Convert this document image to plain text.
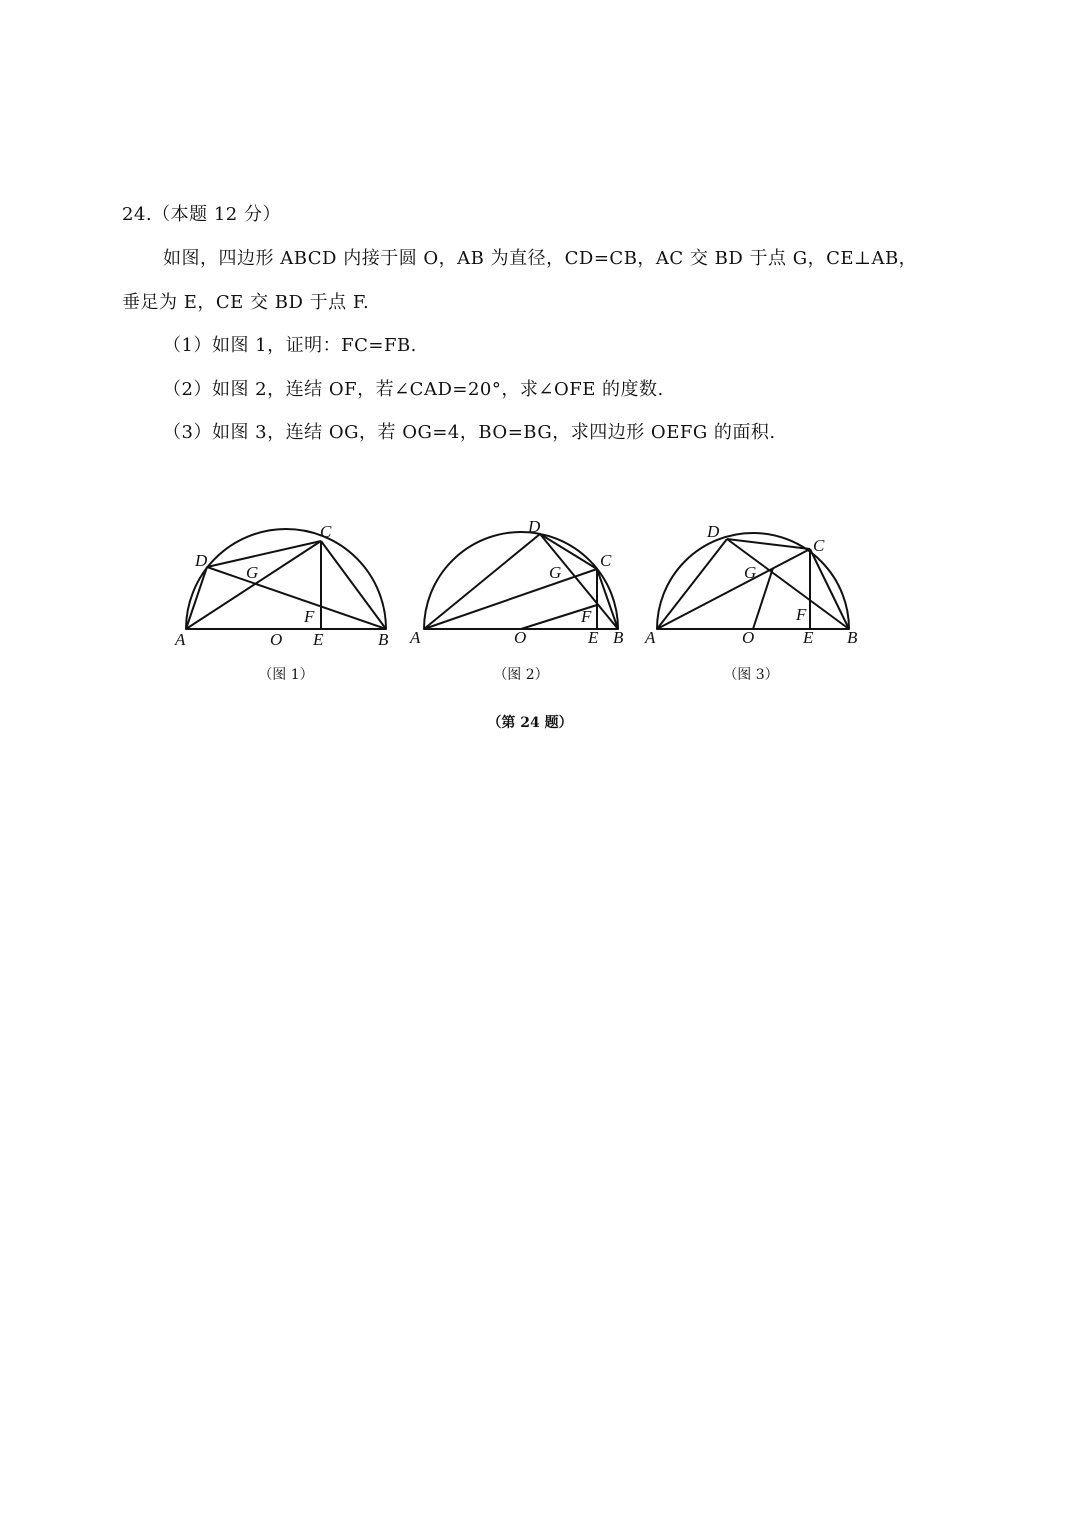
24.（本题 12 分）
如图，四边形 ABCD 内接于圆 O，AB 为直径，CD=CB，AC 交 BD 于点 G，CE⊥AB，
垂足为 E，CE 交 BD 于点 F.
（1）如图 1，证明：FC=FB.
（2）如图 2，连结 OF，若∠CAD=20°，求∠OFE 的度数.
（3）如图 3，连结 OG，若 OG=4，BO=BG，求四边形 OEFG 的面积.
A	B
C
D
E
F
G
O
（图 1）
A	B
C
D
E
F
G
O
（图 2）
A	B
C
D
E
F
G
O
（图 3）
（第 24 题）
